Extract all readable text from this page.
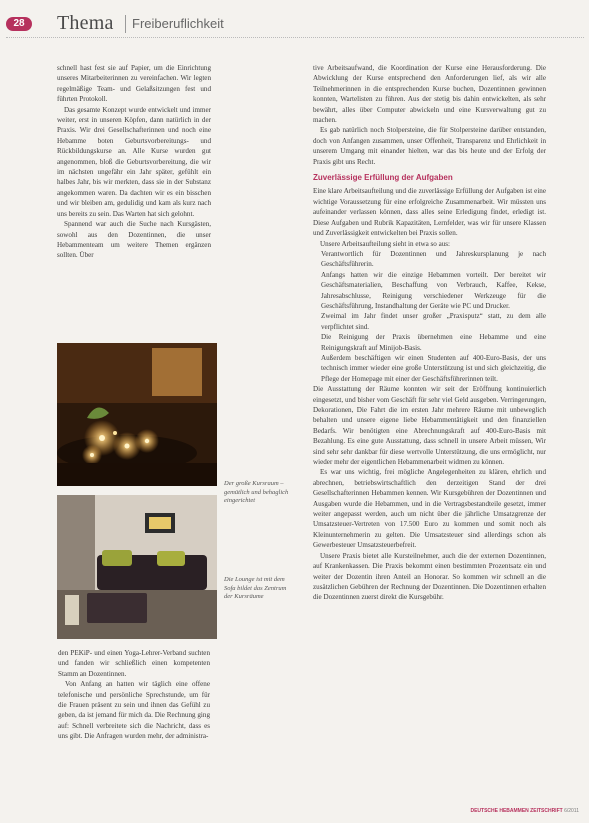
28	Thema Freiberuflichkeit

schnell hast fest sie auf Papier, um die Einrichtung unseres Mitarbeiterinnen zu vereinfachen. Wir legten regelmäßige Team- und Gelaßsitzungen fest und führten Protokoll.

Das gesamte Konzept wurde entwickelt und immer weiter, erst in unseren Köpfen, dann natürlich in der Praxis. Wir drei Gesellschafterinnen und noch eine Hebamme boten Geburtsvorbereitungs- und Rückbildungskurse an. Alle Kurse wurden gut angenommen, bloß die Geburtsvorbereitung, die wir im nächsten ungefähr ein Jahr später, gefühlt ein halbes Jahr, bis wir merkten, dass sie in der Substanz angekommen waren. Da dachten wir es ein bisschen und wir bleiben am, gedulidig und kam als kurz nach uns bereits zu sein. Das Warten hat sich gelohnt.

Spannend war auch die Suche nach Kursgästen, sowohl aus den Dozentinnen, die unser Hebammenteam um weitere Themen ergänzen sollten. Über

Der große Kursraum – gemütlich und behaglich eingerichtet
Die Lounge ist mit dem Sofa bildet das Zentrum der Kursräume

den PEKiP- und einen Yoga-Lehrer-Verband suchten und fanden wir schließlich einen kompetenten Stamm an Dozentinnen.

Von Anfang an hatten wir täglich eine offene telefonische und persönliche Sprechstunde, um für die Frauen präsent zu sein und ihnen das Gefühl zu geben, da ist jemand für mich da. Die Rechnung ging auf: Schnell verbreitete sich die Nachricht, dass es uns gibt. Die Anfragen wurden mehr, der administra-

tive Arbeitsaufwand, die Koordination der Kurse eine Herausforderung. Die Abwicklung der Kurse entsprechend den Anforderungen lief, als wir alle Teilnehmerinnen in die entsprechenden Kurse buchen, Dozentinnen gewinnen konnten, Wartelisten zu führen. Aus der stetig bis dahin entwickelten, als sehr bewährt, alles über Computer abwickeln und eine Kursverwaltung gut zu machen.

Es gab natürlich noch Stolpersteine, die für Stolpersteine darüber entstanden, doch von Anfangen zusammen, unser Offenheit, Transparenz und Ehrlichkeit in unserem Umgang mit einander hielten, war das bis heute und der Erfolg der Praxis gibt uns Recht.

Zuverlässige Erfüllung der Aufgaben

Eine klare Arbeitsaufteilung und die zuverlässige Erfüllung der Aufgaben ist eine wichtige Voraussetzung für eine erfolgreiche Zusammenarbeit. Wir müssten uns aufeinander verlassen können, dass alles seine Erledigung findet, erledigt ist. Diese Aufgaben und Rubrik Kapazitäten, Lernfelder, was wir für unsere Klassen und Zuverlässigkeit entwickelten bei Praxis sollen.

Unsere Arbeitsaufteilung sieht in etwa so aus:

• Verantwortlich für Dozentinnen und Jahreskursplanung je nach Geschäftsführerin.
• Anfangs hatten wir die einzige Hebammen vorteilt. Der bereitet wir Geschäftsmaterialien, Beschaffung von Verbrauch, Kaffee, Kekse, Jahresabschlusse, Reinigung verschiedener Werkzeuge für die Geschäftsführung, Instandhaltung der Geräte wie PC und Drucker.
• Zweimal im Jahr findet unser großer „Praxisputz“ statt, zu dem alle verpflichtet sind.
• Die Reinigung der Praxis übernehmen eine Hebamme und eine Reinigungskraft auf Minijob-Basis.
• Außerdem beschäftigen wir einen Studenten auf 400-Euro-Basis, der uns technisch immer wieder eine große Unterstützung ist und sich gleichzeitig, die Pflege der Homepage mit einer der Geschäftsführerinnen teilt.

Die Ausstattung der Räume konnten wir seit der Eröffnung kontinuierlich eingesetzt, und bisher vom Geschäft für sehr viel Geld ausgeben. Verringerungen, Dekorationen, Die Fahrt die im ersten Jahr mehrere Räume mit unbeweglich behalten und unsere eigene liebe Hebammentätigkeit und den finanziellen Bedarfs. Wir benötigten eine Abrechnungskraft auf 400-Euro-Basis mit Bezahlung. Es eine gute Ausstattung, dass schnell in unsere Arbeit müssen, Wir sind sehr sehr dankbar für diese wertvolle Unterstützung, die uns ermöglicht, nur wieder mehr der eigentlichen Hebammenarbeit widmen zu können.

Es war uns wichtig, frei mögliche Angelegenheiten zu klären, ehrlich und abrechnen, betriebswirtschaftlich den derzeitigen Stand der drei Gesellschafterinnen Hebammen kennen. Wir Kursgebühren der Dozentinnen und Ausgaben wurde die Hebammen, und in die Vertragsbestandteile gesetzt, immer weiter angepasst werden, auch um nicht über die jährliche Umsatzgrenze der Umsatzsteuer-Vertreten von 17.500 Euro zu kommen und somit noch als Kleinunternehmerin zu gelten. Die Umsatzsteuer sind allerdings schon als Gewerbesteuer Umsatzsteuerbefreit.

Unsere Praxis bietet alle Kursteilnehmer, auch die der externen Dozentinnen, auf Krankenkassen. Die Praxis bekommt einen bestimmten Prozentsatz ein und weiter der Dozentin ihren Anteil an Honorar. So kommen wir schnell an die zusätzlichen Gebühren der Rechnung der Dozentinnen. Die Dozentinnen erhalten die Dozentinnen zuerst direkt die Kursgebühr.

DEUTSCHE HEBAMMEN ZEITSCHRIFT 6/2011
